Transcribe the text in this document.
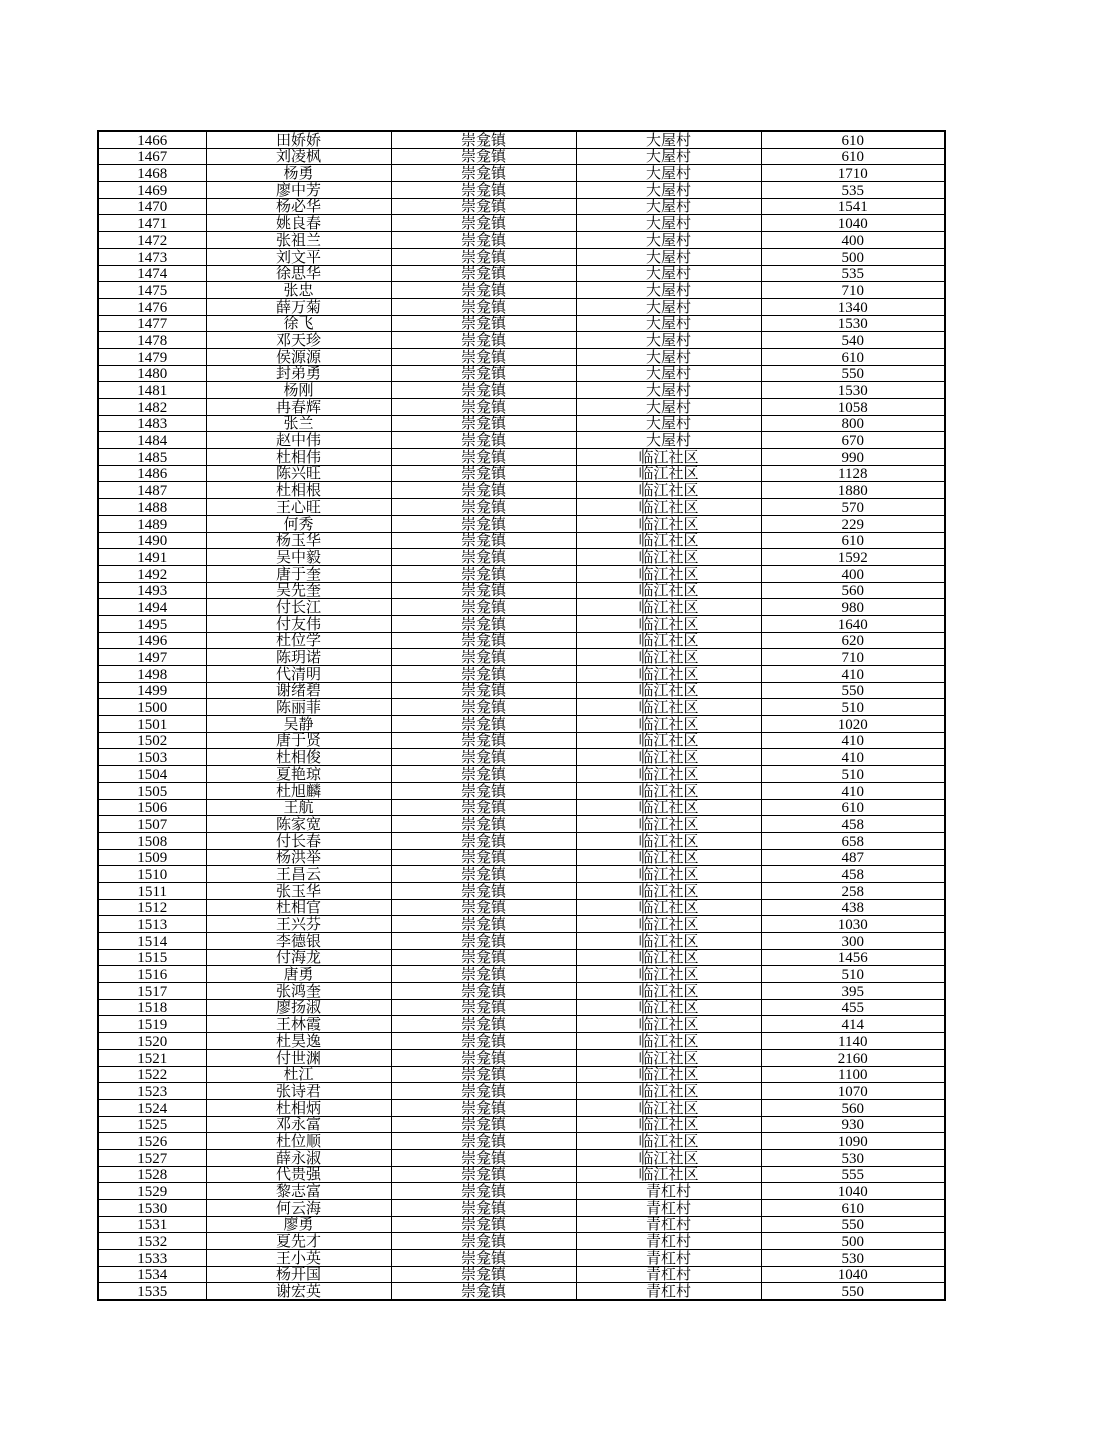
1466	田娇娇	崇龛镇	大屋村	610
1467	刘凌枫	崇龛镇	大屋村	610
1468	杨勇	崇龛镇	大屋村	1710
1469	廖中芳	崇龛镇	大屋村	535
1470	杨必华	崇龛镇	大屋村	1541
1471	姚良春	崇龛镇	大屋村	1040
1472	张祖兰	崇龛镇	大屋村	400
1473	刘文平	崇龛镇	大屋村	500
1474	徐思华	崇龛镇	大屋村	535
1475	张忠	崇龛镇	大屋村	710
1476	薛万菊	崇龛镇	大屋村	1340
1477	徐飞	崇龛镇	大屋村	1530
1478	邓天珍	崇龛镇	大屋村	540
1479	侯源源	崇龛镇	大屋村	610
1480	封弟勇	崇龛镇	大屋村	550
1481	杨刚	崇龛镇	大屋村	1530
1482	冉春辉	崇龛镇	大屋村	1058
1483	张兰	崇龛镇	大屋村	800
1484	赵中伟	崇龛镇	大屋村	670
1485	杜相伟	崇龛镇	临江社区	990
1486	陈兴旺	崇龛镇	临江社区	1128
1487	杜相根	崇龛镇	临江社区	1880
1488	王心旺	崇龛镇	临江社区	570
1489	何秀	崇龛镇	临江社区	229
1490	杨玉华	崇龛镇	临江社区	610
1491	吴中毅	崇龛镇	临江社区	1592
1492	唐于奎	崇龛镇	临江社区	400
1493	吴先奎	崇龛镇	临江社区	560
1494	付长江	崇龛镇	临江社区	980
1495	付友伟	崇龛镇	临江社区	1640
1496	杜位学	崇龛镇	临江社区	620
1497	陈玥诺	崇龛镇	临江社区	710
1498	代清明	崇龛镇	临江社区	410
1499	谢绪碧	崇龛镇	临江社区	550
1500	陈丽菲	崇龛镇	临江社区	510
1501	吴静	崇龛镇	临江社区	1020
1502	唐于贤	崇龛镇	临江社区	410
1503	杜相俊	崇龛镇	临江社区	410
1504	夏艳琼	崇龛镇	临江社区	510
1505	杜旭麟	崇龛镇	临江社区	410
1506	王航	崇龛镇	临江社区	610
1507	陈家宽	崇龛镇	临江社区	458
1508	付长春	崇龛镇	临江社区	658
1509	杨洪举	崇龛镇	临江社区	487
1510	王昌云	崇龛镇	临江社区	458
1511	张玉华	崇龛镇	临江社区	258
1512	杜相官	崇龛镇	临江社区	438
1513	王兴芬	崇龛镇	临江社区	1030
1514	李德银	崇龛镇	临江社区	300
1515	付海龙	崇龛镇	临江社区	1456
1516	唐勇	崇龛镇	临江社区	510
1517	张鸿奎	崇龛镇	临江社区	395
1518	廖扬淑	崇龛镇	临江社区	455
1519	王林霞	崇龛镇	临江社区	414
1520	杜昊逸	崇龛镇	临江社区	1140
1521	付世渊	崇龛镇	临江社区	2160
1522	杜江	崇龛镇	临江社区	1100
1523	张诗君	崇龛镇	临江社区	1070
1524	杜相炳	崇龛镇	临江社区	560
1525	邓永富	崇龛镇	临江社区	930
1526	杜位顺	崇龛镇	临江社区	1090
1527	薛永淑	崇龛镇	临江社区	530
1528	代贵强	崇龛镇	临江社区	555
1529	黎志富	崇龛镇	青杠村	1040
1530	何云海	崇龛镇	青杠村	610
1531	廖勇	崇龛镇	青杠村	550
1532	夏先才	崇龛镇	青杠村	500
1533	王小英	崇龛镇	青杠村	530
1534	杨开国	崇龛镇	青杠村	1040
1535	谢宏英	崇龛镇	青杠村	550
